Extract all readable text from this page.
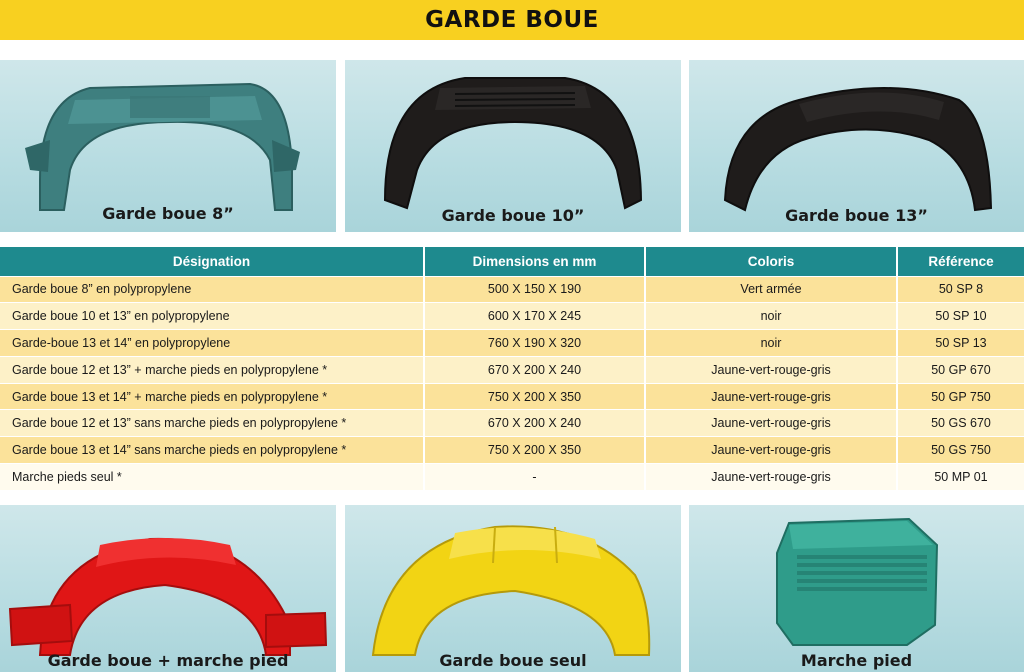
GARDE BOUE
Garde boue 8”	Garde boue 10”	Garde boue 13”
Désignation	Dimensions en mm	Coloris	Référence
Garde boue 8” en polypropylene	500 X 150 X 190	Vert armée	50 SP 8
Garde boue 10 et 13” en polypropylene	600 X 170 X 245	noir	50 SP 10
Garde-boue 13 et 14” en polypropylene	760 X 190 X 320	noir	50 SP 13
Garde boue 12 et 13” + marche pieds en polypropylene *	670 X 200 X 240	Jaune-vert-rouge-gris	50 GP 670
Garde boue 13 et 14” + marche pieds en polypropylene *	750 X 200 X 350	Jaune-vert-rouge-gris	50 GP 750
Garde boue 12 et 13” sans marche pieds en polypropylene *	670 X 200 X 240	Jaune-vert-rouge-gris	50 GS 670
Garde boue 13 et 14” sans marche pieds en polypropylene *	750 X 200 X 350	Jaune-vert-rouge-gris	50 GS 750
Marche pieds seul *	-	Jaune-vert-rouge-gris	50 MP 01
Garde boue + marche pied	Garde boue seul	Marche pied
